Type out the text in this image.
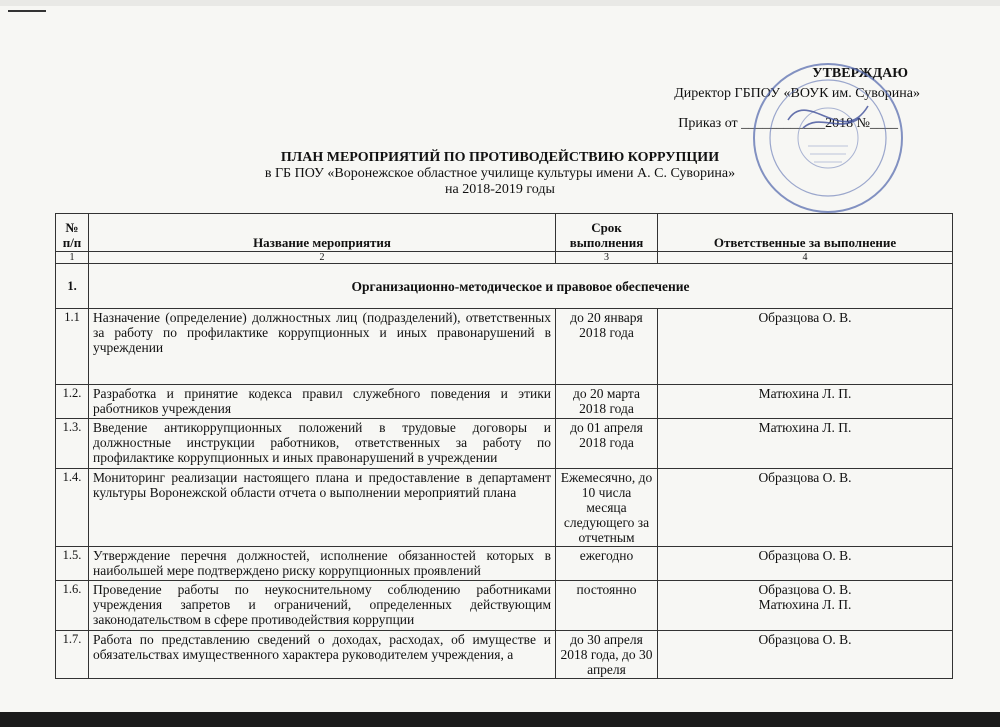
УТВЕРЖДАЮ
Директор ГБПОУ «ВОУК им. Суворина»
Приказ от ____________2018 №____
ПЛАН МЕРОПРИЯТИЙ ПО ПРОТИВОДЕЙСТВИЮ КОРРУПЦИИ
в ГБ ПОУ «Воронежское областное училище культуры имени А. С. Суворина»
на 2018-2019 годы
№ п/п	Название мероприятия	Срок выполнения	Ответственные за выполнение
1	2	3	4
1.	Организационно-методическое и правовое обеспечение		
1.1	Назначение (определение) должностных лиц (подразделений), ответственных за работу по профилактике коррупционных и иных правонарушений в учреждении	до 20 января 2018 года	Образцова О. В.
1.2.	Разработка и принятие кодекса правил служебного поведения и этики работников учреждения	до 20 марта 2018 года	Матюхина Л. П.
1.3.	Введение антикоррупционных положений в трудовые договоры и должностные инструкции работников, ответственных за работу по профилактике коррупционных и иных правонарушений в учреждении	до 01 апреля 2018 года	Матюхина Л. П.
1.4.	Мониторинг реализации настоящего плана и предоставление в департамент культуры Воронежской области отчета о выполнении мероприятий плана	Ежемесячно, до 10 числа месяца следующего за отчетным	Образцова О. В.
1.5.	Утверждение перечня должностей, исполнение обязанностей которых в наибольшей мере подтверждено риску коррупционных проявлений	ежегодно	Образцова О. В.
1.6.	Проведение работы по неукоснительному соблюдению работниками учреждения запретов и ограничений, определенных действующим законодательством в сфере противодействия коррупции	постоянно	Образцова О. В.
Матюхина Л. П.

1.7.	Работа по представлению сведений о доходах, расходах, об имуществе и обязательствах имущественного характера руководителем учреждения, а	до 30 апреля 2018 года, до 30 апреля	Образцова О. В.
